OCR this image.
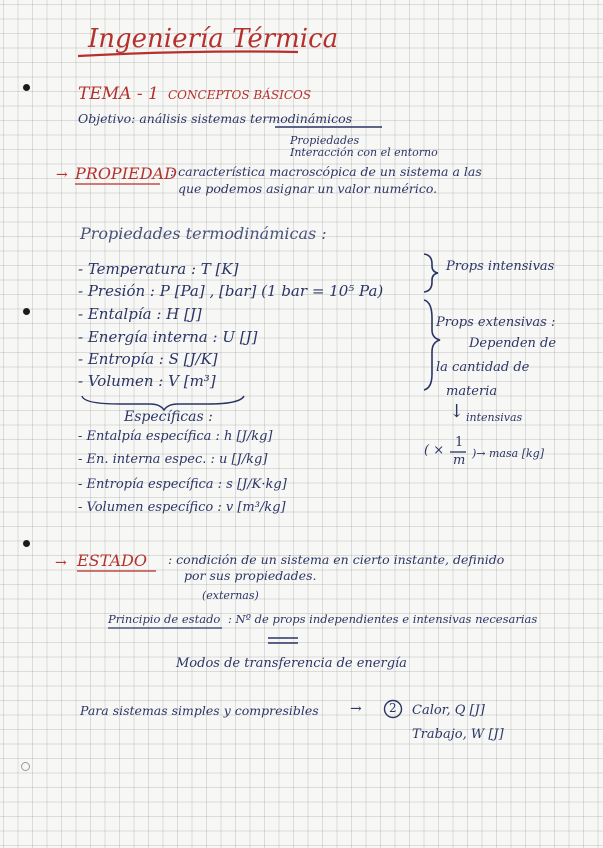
Ingeniería Térmica
TEMA - 1 CONCEPTOS BÁSICOS
Objetivo: análisis sistemas termodinámicos
Propiedades
Interacción con el entorno
→ PROPIEDAD
: característica macroscópica de un sistema a las
que podemos asignar un valor numérico.
Propiedades termodinámicas :
- Temperatura : T [K]
- Presión : P [Pa] , [bar] (1 bar = 10⁵ Pa)
- Entalpía : H [J]
- Energía interna : U [J]
- Entropía : S [J/K]
- Volumen : V [m³]
Específicas :
- Entalpía específica : h [J/kg]
- En. interna espec. : u [J/kg]
- Entropía específica : s [J/K·kg]
- Volumen específico : v [m³/kg]
Props intensivas
Props extensivas :
Dependen de
la cantidad de
materia
↓ intensivas
( ×
1
m )→ masa [kg]
→ ESTADO : condición de un sistema en cierto instante, definido
por sus propiedades.
(externas)
Principio de estado : Nº de props independientes e intensivas necesarias
Modos de transferencia de energía
Para sistemas simples y compresibles → 2 Calor, Q [J]
Trabajo, W [J]
